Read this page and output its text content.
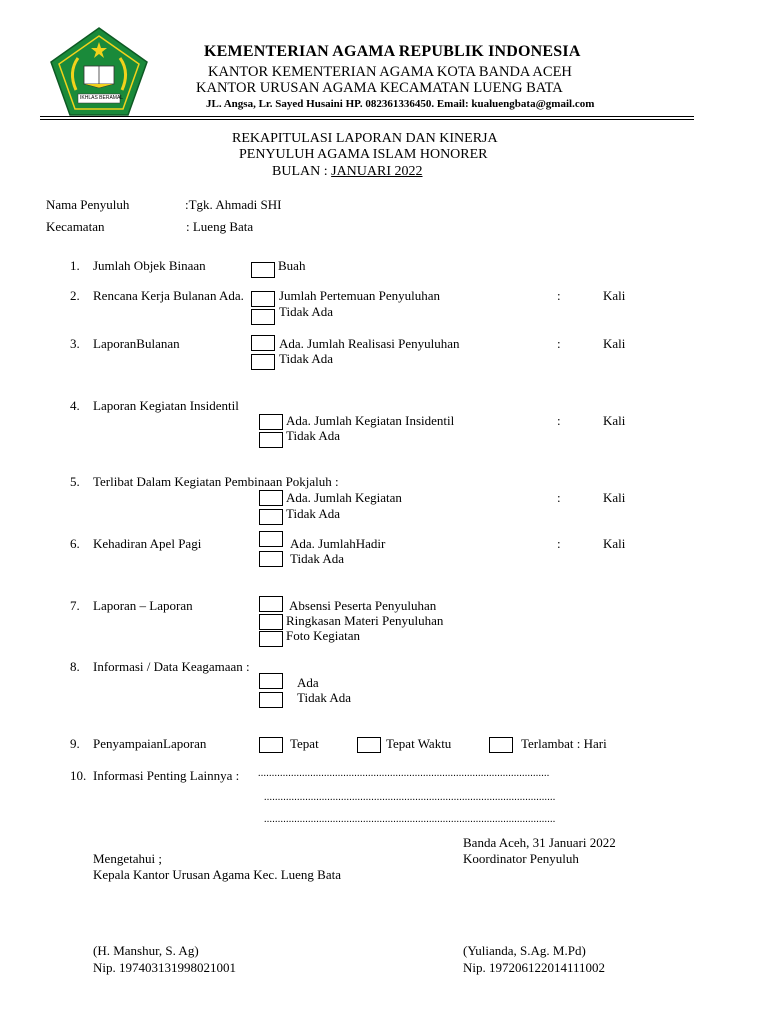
IKHLAS BERAMAL
KEMENTERIAN AGAMA REPUBLIK INDONESIA
KANTOR KEMENTERIAN AGAMA KOTA BANDA ACEH
KANTOR URUSAN AGAMA KECAMATAN LUENG BATA
JL. Angsa, Lr. Sayed Husaini HP. 082361336450. Email: kualuengbata@gmail.com
REKAPITULASI LAPORAN DAN KINERJA
PENYULUH AGAMA ISLAM HONORER
BULAN : JANUARI 2022
Nama Penyuluh	:Tgk. Ahmadi SHI
Kecamatan	: Lueng Bata
1. Jumlah Objek Binaan	Buah
2. Rencana Kerja Bulanan Ada.	Jumlah Pertemuan Penyuluhan	:	Kali
Tidak Ada
3. LaporanBulanan	Ada. Jumlah Realisasi Penyuluhan	:	Kali
Tidak Ada
4. Laporan Kegiatan Insidentil
Ada. Jumlah Kegiatan Insidentil	:	Kali
Tidak Ada
5. Terlibat Dalam Kegiatan Pembinaan Pokjaluh :
Ada. Jumlah Kegiatan	:	Kali
Tidak Ada
6. Kehadiran Apel Pagi	Ada. JumlahHadir	:	Kali
Tidak Ada
7. Laporan – Laporan	Absensi Peserta Penyuluhan
Ringkasan Materi Penyuluhan
Foto Kegiatan
8. Informasi / Data Keagamaan :
Ada
Tidak Ada
9. PenyampaianLaporan	Tepat	Tepat Waktu	Terlambat : Hari
10. Informasi Penting Lainnya : ..........................................................................................................
..........................................................................................................
..........................................................................................................
Banda Aceh, 31 Januari 2022
Koordinator Penyuluh
Mengetahui ;
Kepala Kantor Urusan Agama Kec. Lueng Bata
(H. Manshur, S. Ag)
Nip. 197403131998021001
(Yulianda, S.Ag. M.Pd)
Nip. 197206122014111002
